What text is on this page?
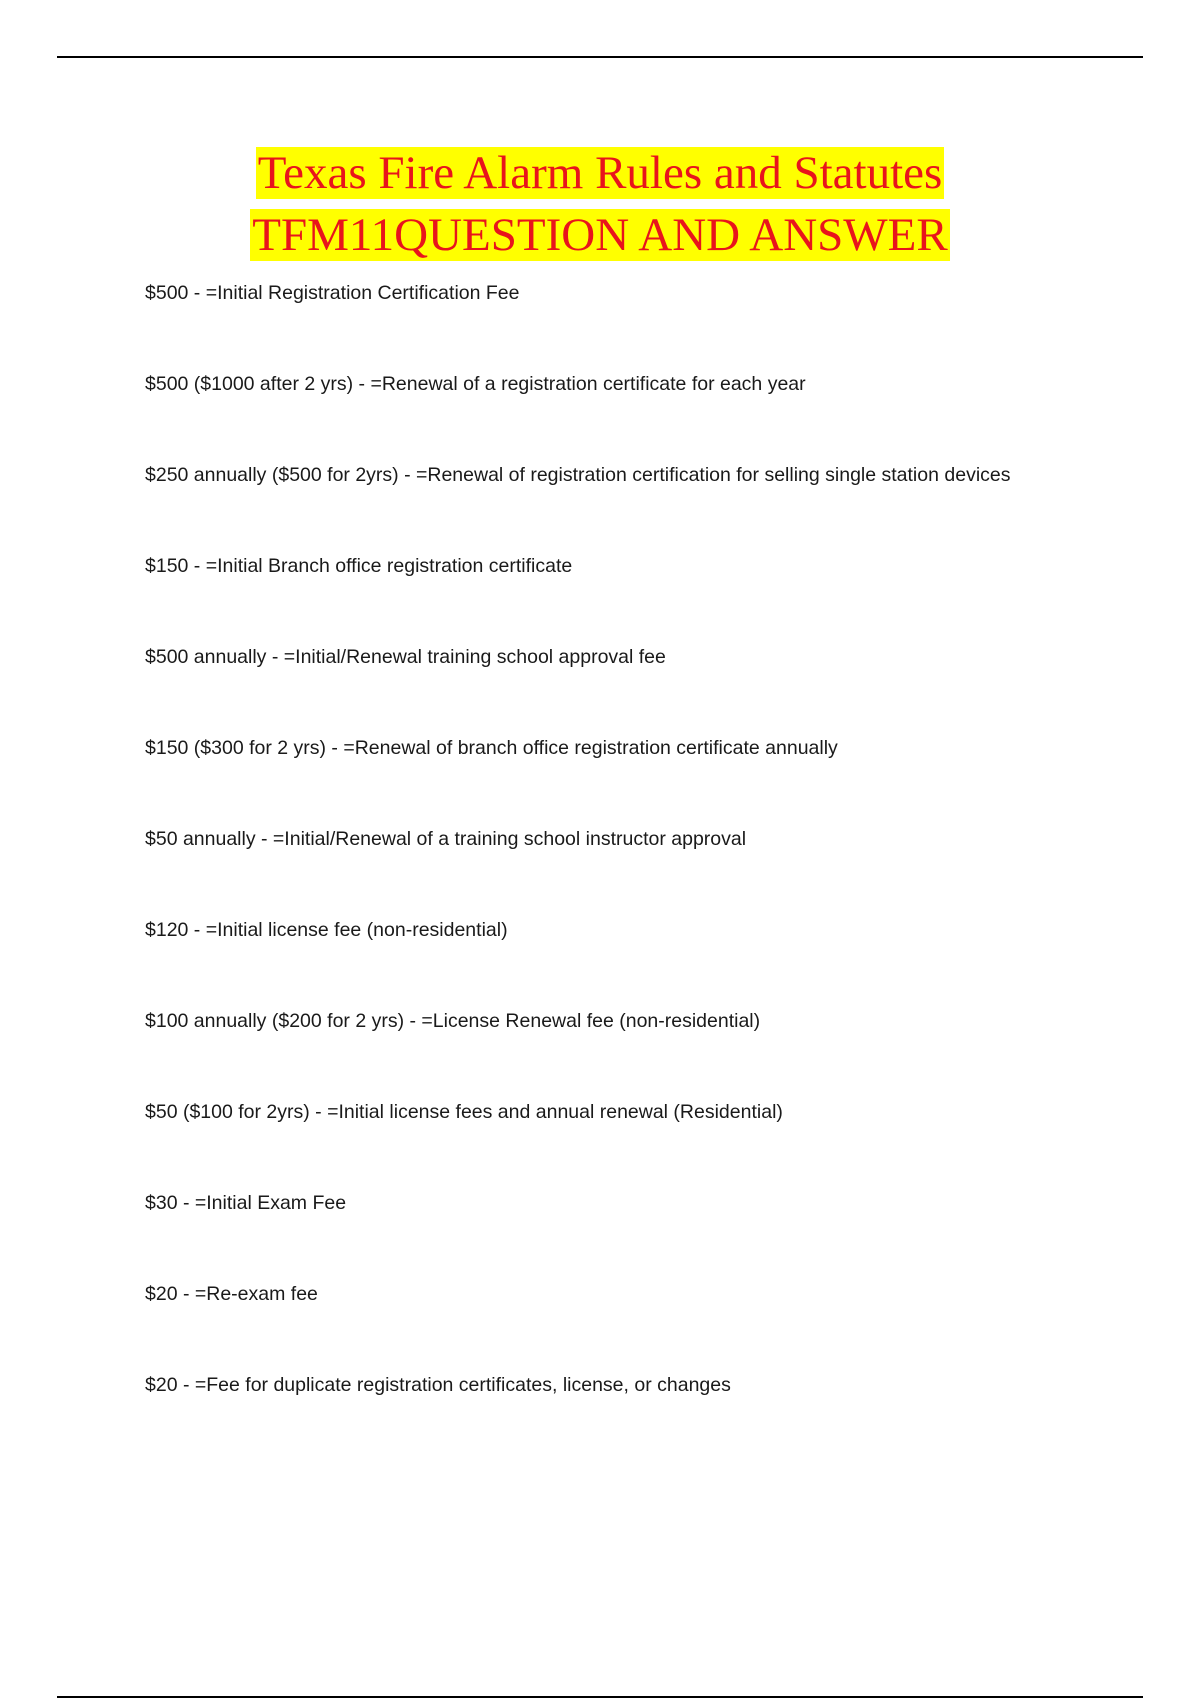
Texas Fire Alarm Rules and Statutes
TFM11QUESTION AND ANSWER
$500 - =Initial Registration Certification Fee
$500 ($1000 after 2 yrs) - =Renewal of a registration certificate for each year
$250 annually ($500 for 2yrs) - =Renewal of registration certification for selling single station devices
$150 - =Initial Branch office registration certificate
$500 annually - =Initial/Renewal training school approval fee
$150 ($300 for 2 yrs) - =Renewal of branch office registration certificate annually
$50 annually - =Initial/Renewal of a training school instructor approval
$120 - =Initial license fee (non-residential)
$100 annually ($200 for 2 yrs) - =License Renewal fee (non-residential)
$50 ($100 for 2yrs) - =Initial license fees and annual renewal (Residential)
$30 - =Initial Exam Fee
$20 - =Re-exam fee
$20 - =Fee for duplicate registration certificates, license, or changes
